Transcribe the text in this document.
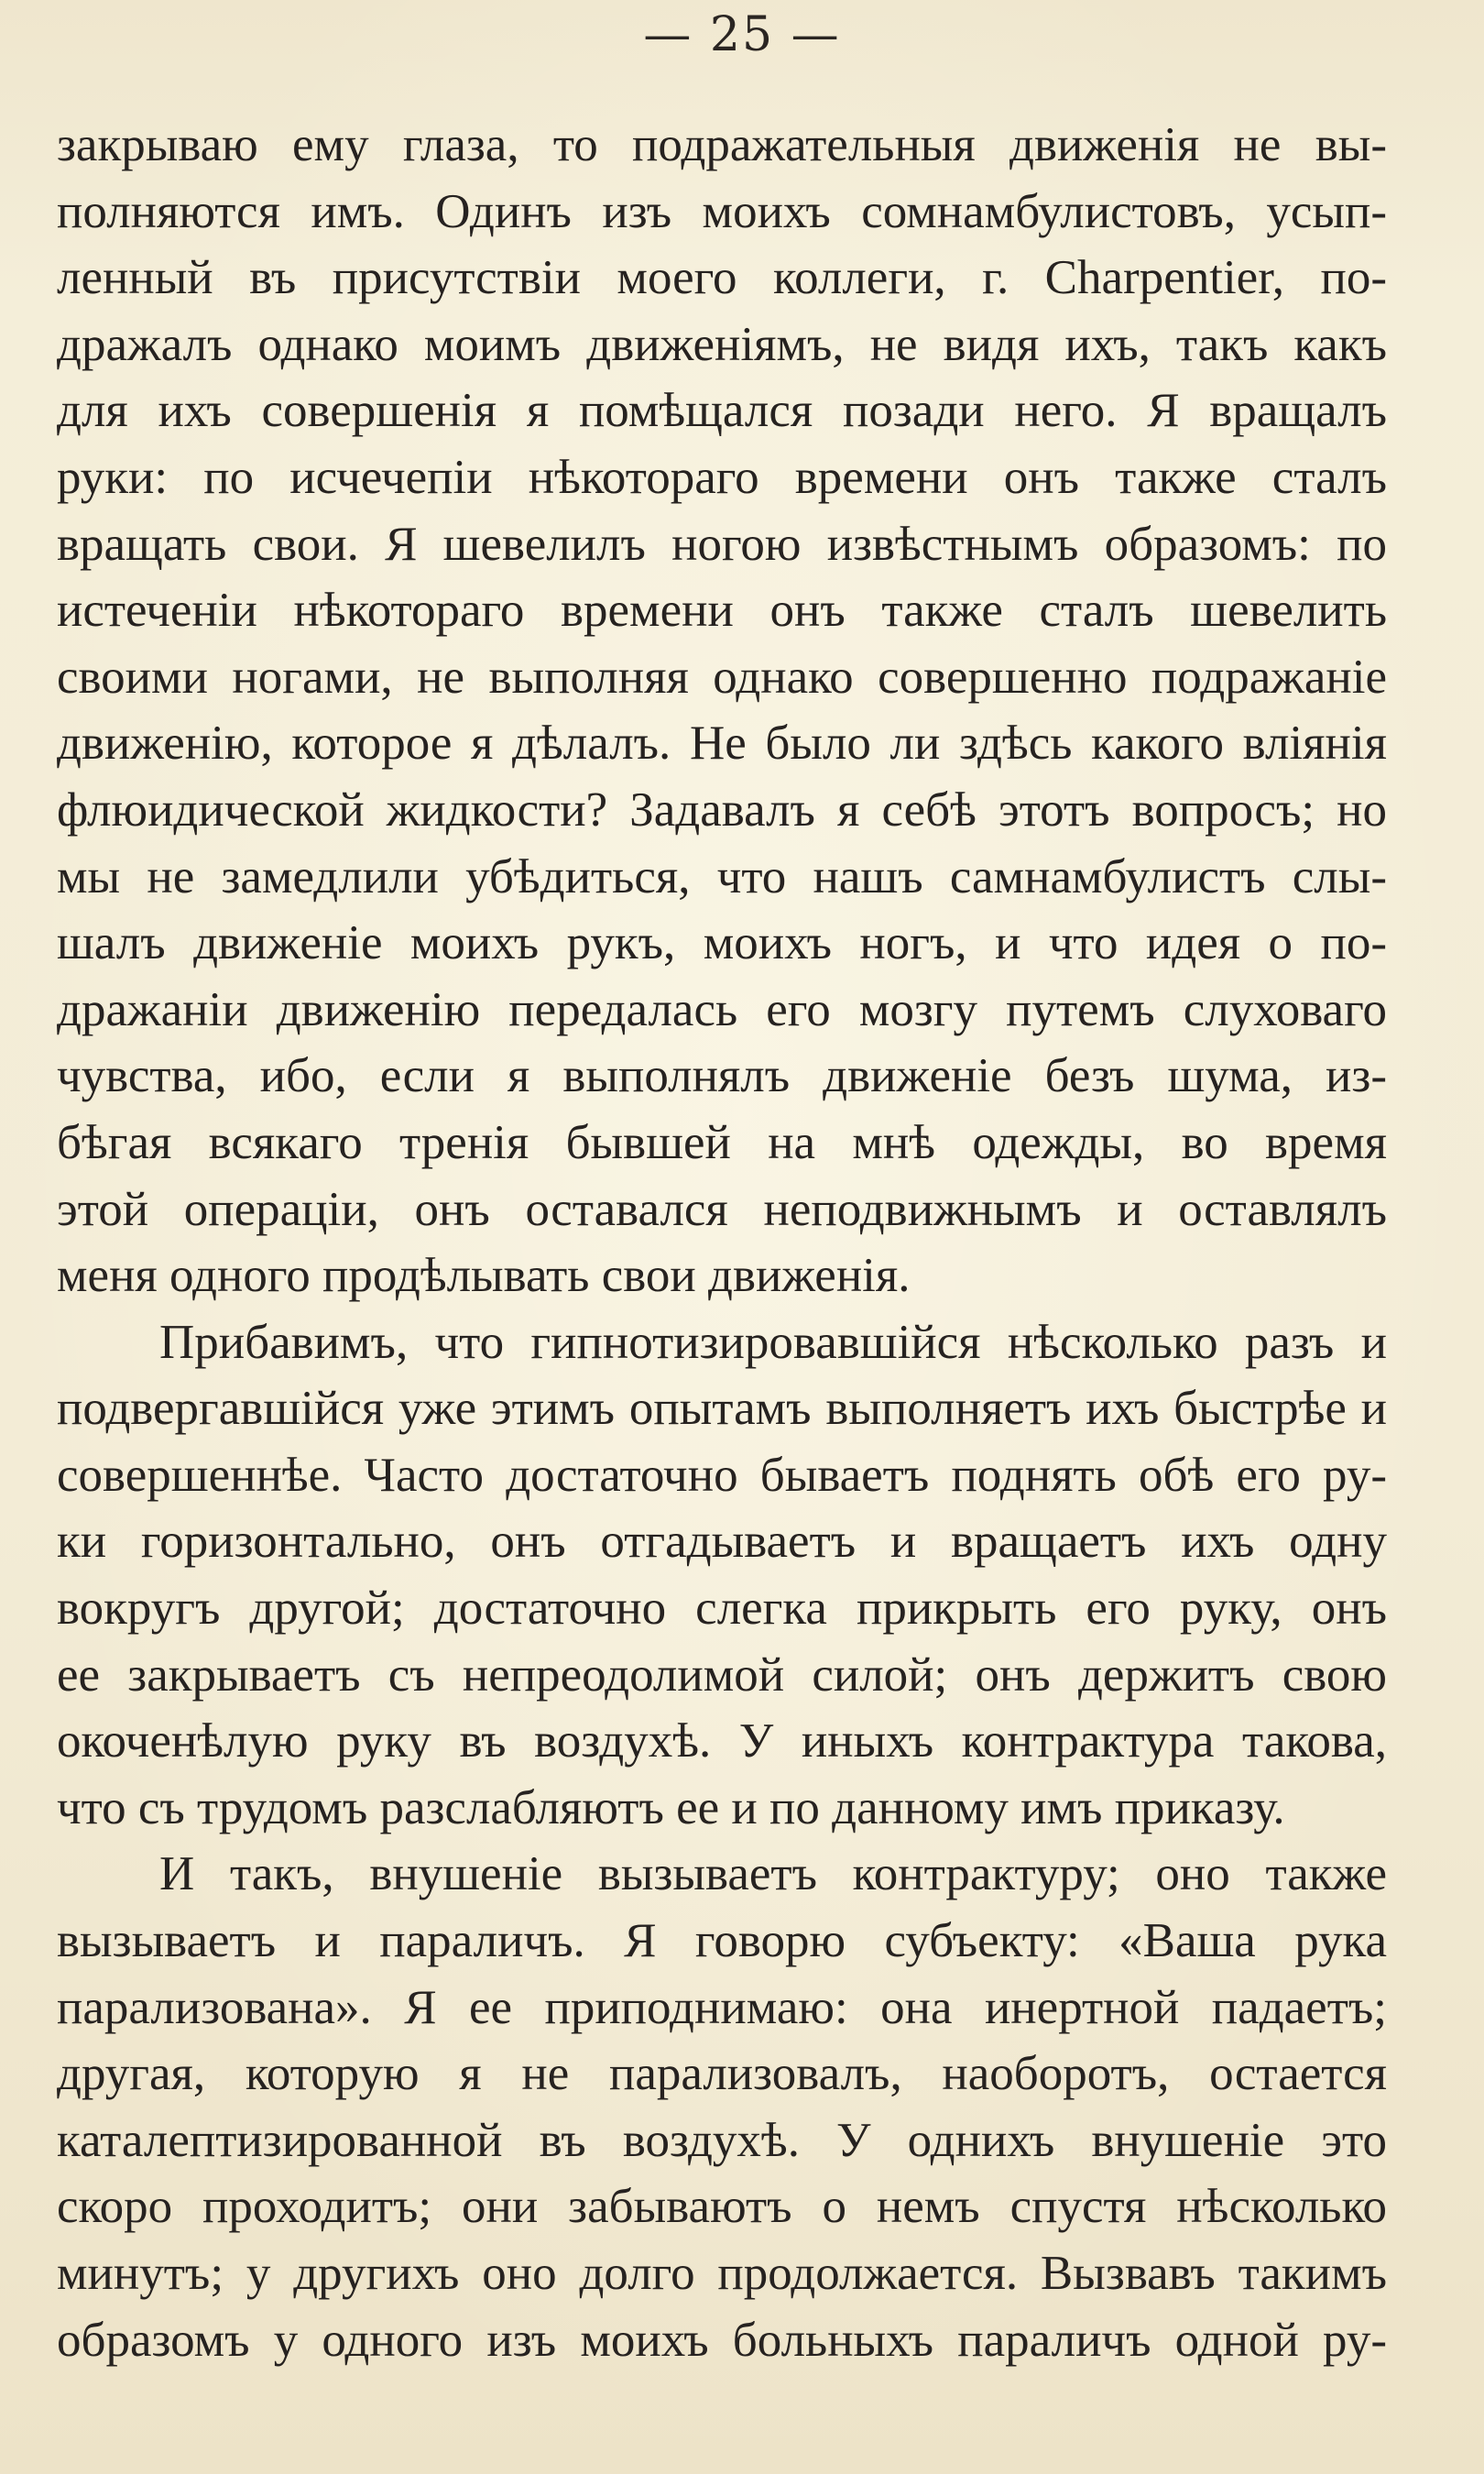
— 25 —
закрываю ему глаза, то подражательныя движенія не вы-
полняются имъ. Одинъ изъ моихъ сомнамбулистовъ, усып-
ленный въ присутствіи моего коллеги, г. Charpentier, по-
дражалъ однако моимъ движеніямъ, не видя ихъ, такъ какъ
для ихъ совершенія я помѣщался позади него. Я вращалъ
руки: по исчечепіи нѣкотораго времени онъ также сталъ
вращать свои. Я шевелилъ ногою извѣстнымъ образомъ: по
истеченіи нѣкотораго времени онъ также сталъ шевелить
своими ногами, не выполняя однако совершенно подражаніе
движенію, которое я дѣлалъ. Не было ли здѣсь какого вліянія
флюидической жидкости? Задавалъ я себѣ этотъ вопросъ; но
мы не замедлили убѣдиться, что нашъ самнамбулистъ слы-
шалъ движеніе моихъ рукъ, моихъ ногъ, и что идея о по-
дражаніи движенію передалась его мозгу путемъ слуховаго
чувства, ибо, если я выполнялъ движеніе безъ шума, из-
бѣгая всякаго тренія бывшей на мнѣ одежды, во время
этой операціи, онъ оставался неподвижнымъ и оставлялъ
меня одного продѣлывать свои движенія.
Прибавимъ, что гипнотизировавшійся нѣсколько разъ и
подвергавшійся уже этимъ опытамъ выполняетъ ихъ быстрѣе и
совершеннѣе. Часто достаточно бываетъ поднять обѣ его ру-
ки горизонтально, онъ отгадываетъ и вращаетъ ихъ одну
вокругъ другой; достаточно слегка прикрыть его руку, онъ
ее закрываетъ съ непреодолимой силой; онъ держитъ свою
окоченѣлую руку въ воздухѣ. У иныхъ контрактура такова,
что съ трудомъ разслабляютъ ее и по данному имъ приказу.
И такъ, внушеніе вызываетъ контрактуру; оно также
вызываетъ и параличъ. Я говорю субъекту: «Ваша рука
парализована». Я ее приподнимаю: она инертной падаетъ;
другая, которую я не парализовалъ, наоборотъ, остается
каталептизированной въ воздухѣ. У однихъ внушеніе это
скоро проходитъ; они забываютъ о немъ спустя нѣсколько
минутъ; у другихъ оно долго продолжается. Вызвавъ такимъ
образомъ у одного изъ моихъ больныхъ параличъ одной ру-
